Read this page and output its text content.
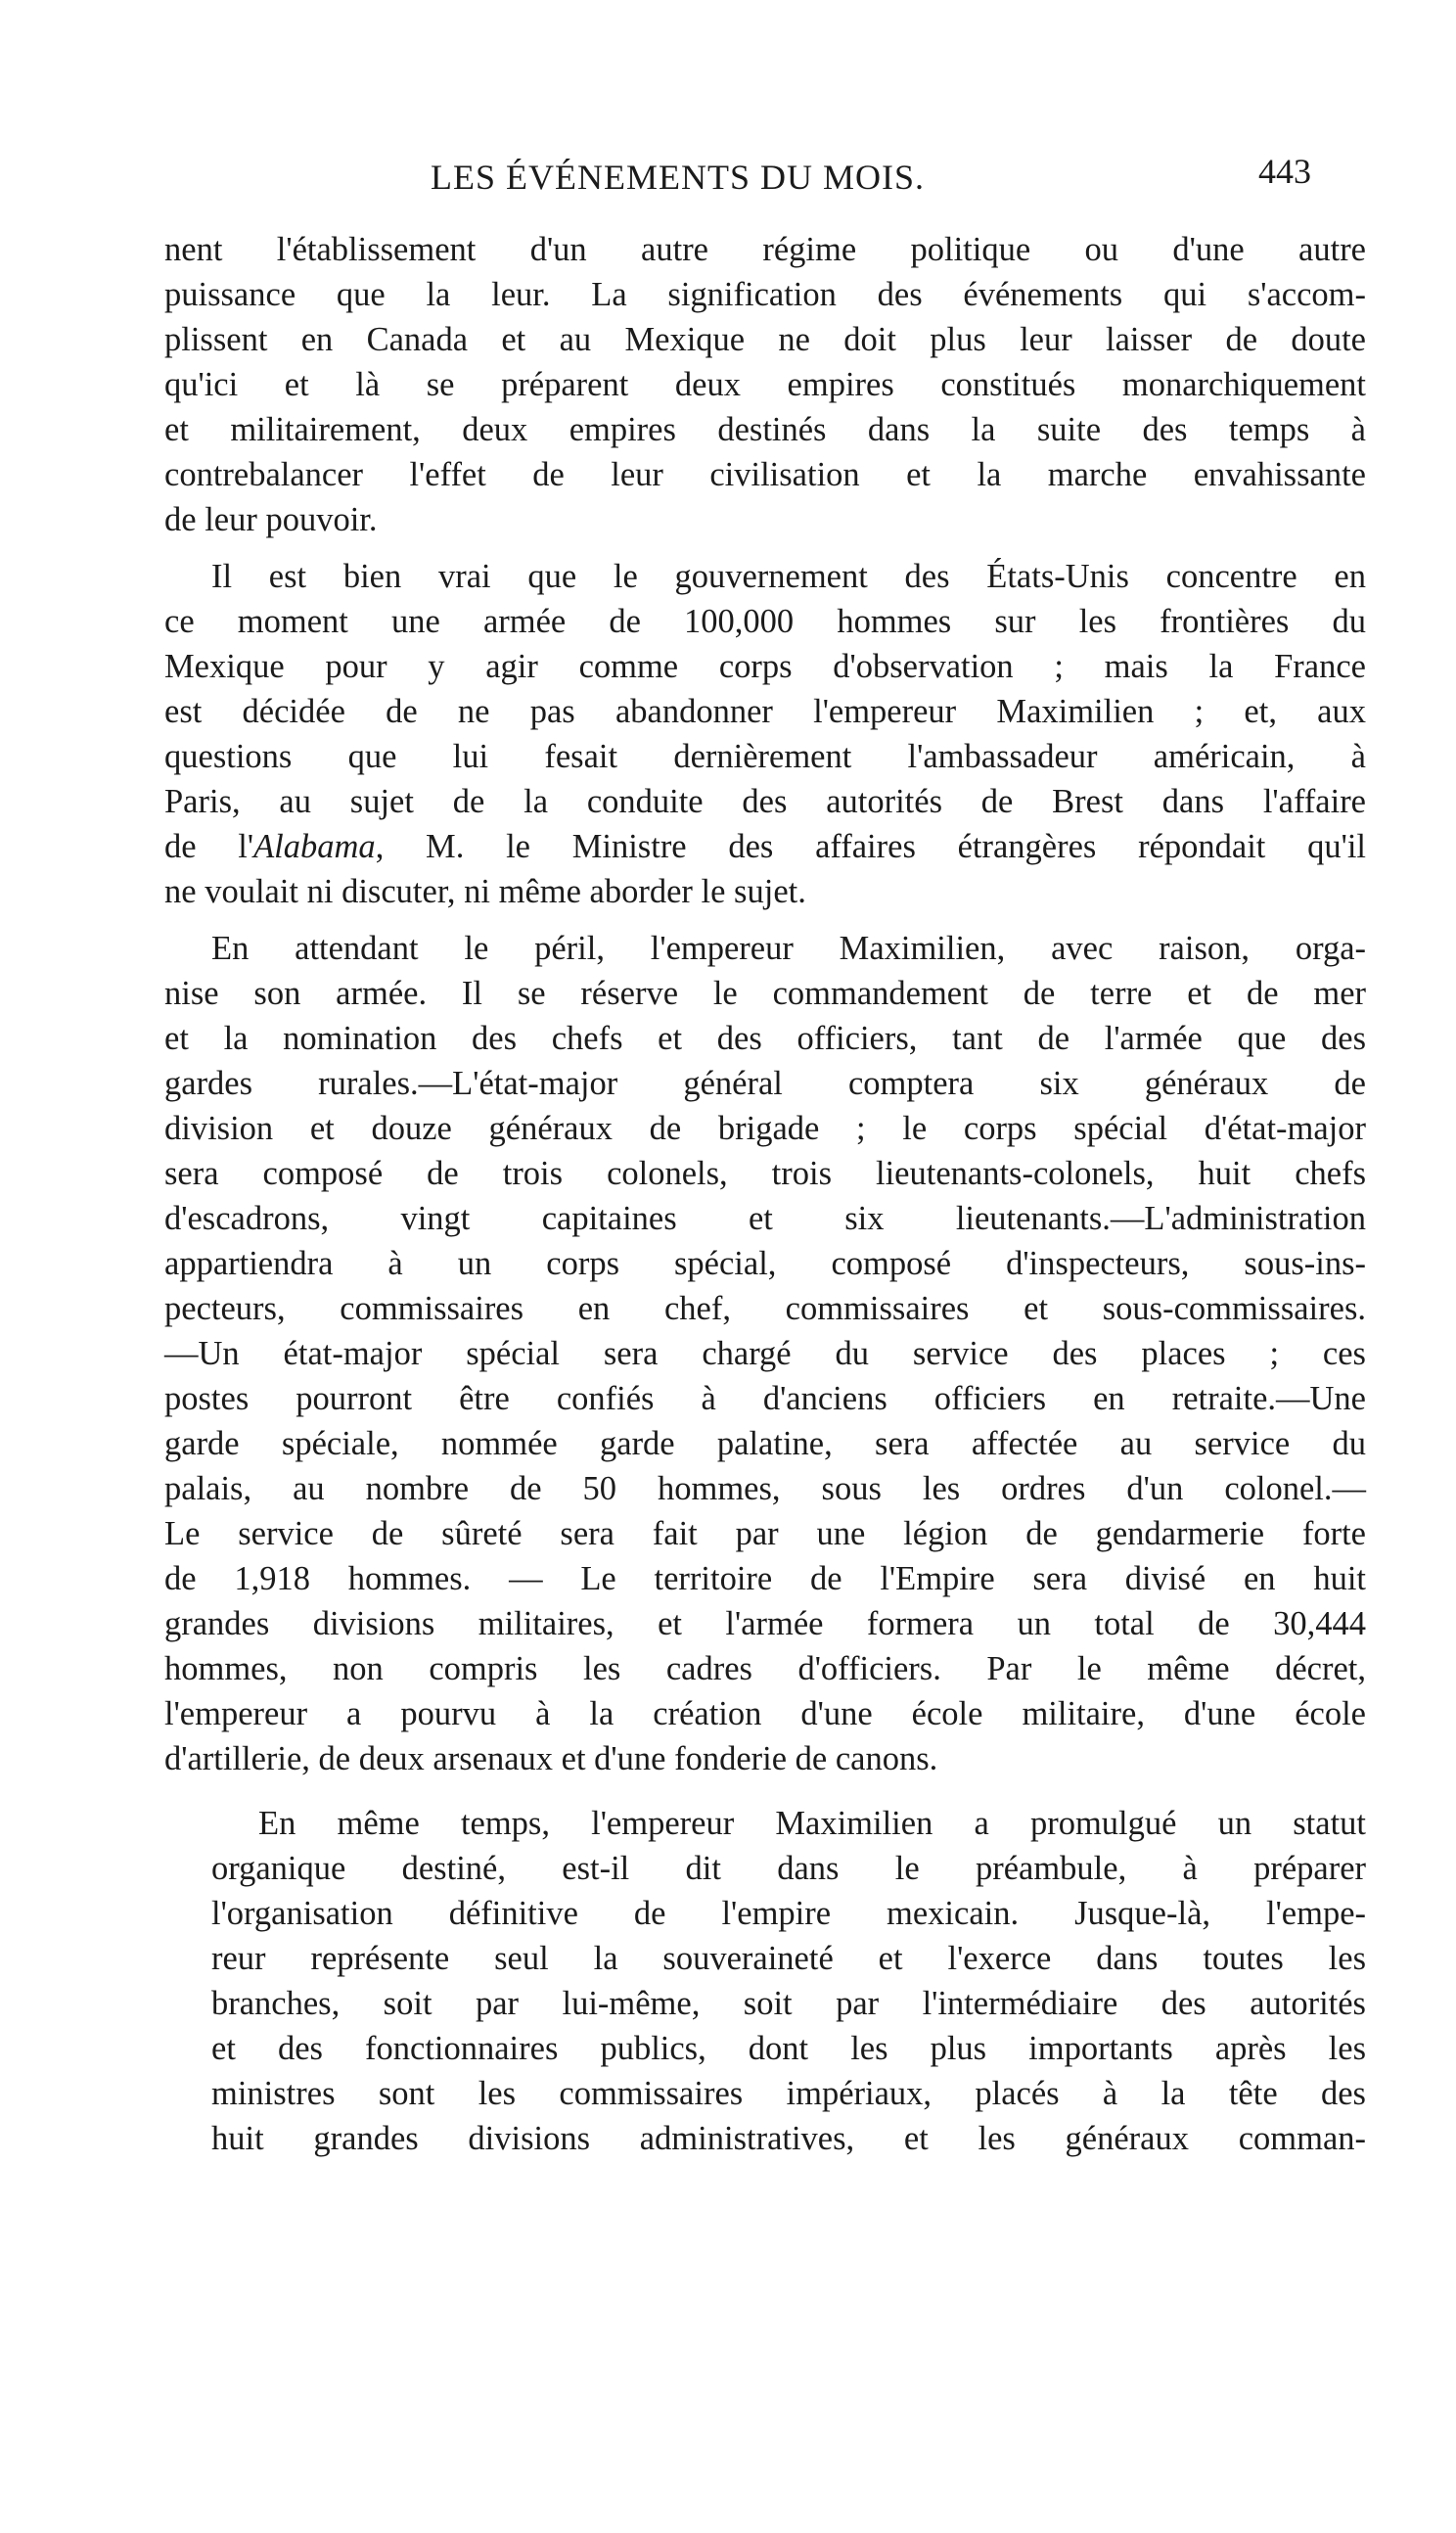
LES ÉVÉNEMENTS DU MOIS.	443
nent l'établissement d'un autre régime politique ou d'une autre
puissance que la leur. La signification des événements qui s'accom-
plissent en Canada et au Mexique ne doit plus leur laisser de doute
qu'ici et là se préparent deux empires constitués monarchiquement
et militairement, deux empires destinés dans la suite des temps à
contrebalancer l'effet de leur civilisation et la marche envahissante
de leur pouvoir.
Il est bien vrai que le gouvernement des États-Unis concentre en
ce moment une armée de 100,000 hommes sur les frontières du
Mexique pour y agir comme corps d'observation ; mais la France
est décidée de ne pas abandonner l'empereur Maximilien ; et, aux
questions que lui fesait dernièrement l'ambassadeur américain, à
Paris, au sujet de la conduite des autorités de Brest dans l'affaire
de l'Alabama, M. le Ministre des affaires étrangères répondait qu'il
ne voulait ni discuter, ni même aborder le sujet.
En attendant le péril, l'empereur Maximilien, avec raison, orga-
nise son armée. Il se réserve le commandement de terre et de mer
et la nomination des chefs et des officiers, tant de l'armée que des
gardes rurales.—L'état-major général comptera six généraux de
division et douze généraux de brigade ; le corps spécial d'état-major
sera composé de trois colonels, trois lieutenants-colonels, huit chefs
d'escadrons, vingt capitaines et six lieutenants.—L'administration
appartiendra à un corps spécial, composé d'inspecteurs, sous-ins-
pecteurs, commissaires en chef, commissaires et sous-commissaires.
—Un état-major spécial sera chargé du service des places ; ces
postes pourront être confiés à d'anciens officiers en retraite.—Une
garde spéciale, nommée garde palatine, sera affectée au service du
palais, au nombre de 50 hommes, sous les ordres d'un colonel.—
Le service de sûreté sera fait par une légion de gendarmerie forte
de 1,918 hommes. — Le territoire de l'Empire sera divisé en huit
grandes divisions militaires, et l'armée formera un total de 30,444
hommes, non compris les cadres d'officiers. Par le même décret,
l'empereur a pourvu à la création d'une école militaire, d'une école
d'artillerie, de deux arsenaux et d'une fonderie de canons.
En même temps, l'empereur Maximilien a promulgué un statut
organique destiné, est-il dit dans le préambule, à préparer
l'organisation définitive de l'empire mexicain. Jusque-là, l'empe-
reur représente seul la souveraineté et l'exerce dans toutes les
branches, soit par lui-même, soit par l'intermédiaire des autorités
et des fonctionnaires publics, dont les plus importants après les
ministres sont les commissaires impériaux, placés à la tête des
huit grandes divisions administratives, et les généraux comman-
